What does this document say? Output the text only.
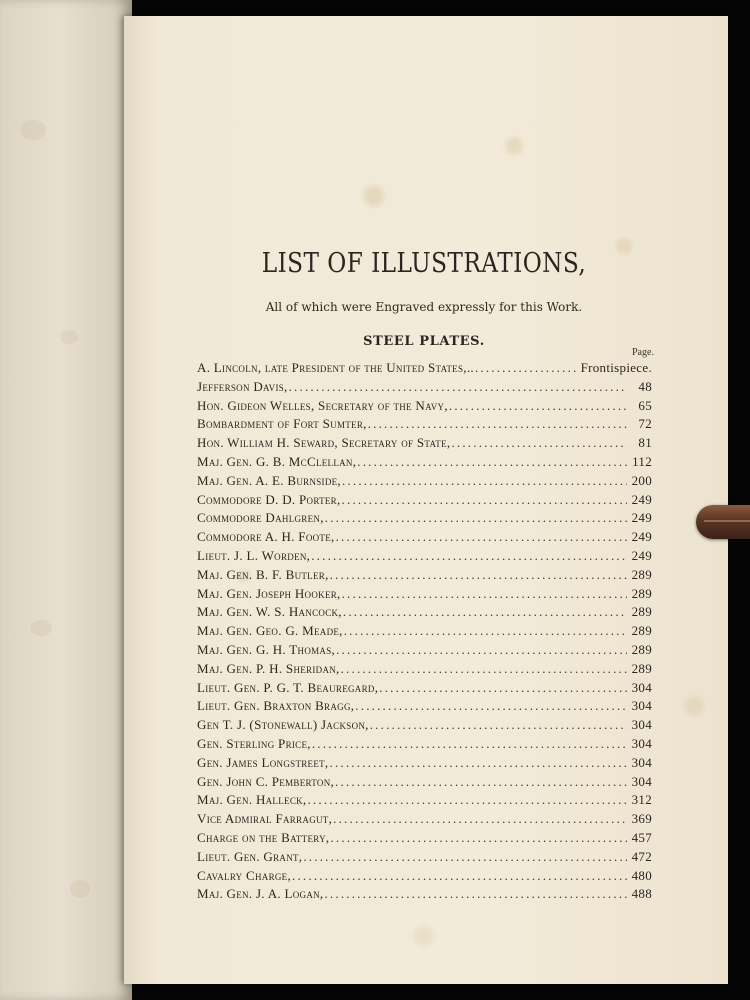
LIST OF ILLUSTRATIONS,
All of which were Engraved expressly for this Work.
STEEL PLATES.
Page.
A. Lincoln, late President of the United States,.. .....	Frontispiece.
Jefferson Davis, .....	48
Hon. Gideon Welles, Secretary of the Navy, .....	65
Bombardment of Fort Sumter, .....	72
Hon. William H. Seward, Secretary of State, .....	81
Maj. Gen. G. B. McClellan, .....	112
Maj. Gen. A. E. Burnside, .....	200
Commodore D. D. Porter, .....	249
Commodore Dahlgren, .....	249
Commodore A. H. Foote, .....	249
Lieut. J. L. Worden, .....	249
Maj. Gen. B. F. Butler, .....	289
Maj. Gen. Joseph Hooker, .....	289
Maj. Gen. W. S. Hancock, .....	289
Maj. Gen. Geo. G. Meade, .....	289
Maj. Gen. G. H. Thomas, .....	289
Maj. Gen. P. H. Sheridan, .....	289
Lieut. Gen. P. G. T. Beauregard, .....	304
Lieut. Gen. Braxton Bragg, .....	304
Gen T. J. (Stonewall) Jackson, .....	304
Gen. Sterling Price, .....	304
Gen. James Longstreet, .....	304
Gen. John C. Pemberton, .....	304
Maj. Gen. Halleck, .....	312
Vice Admiral Farragut, .....	369
Charge on the Battery, .....	457
Lieut. Gen. Grant, .....	472
Cavalry Charge, .....	480
Maj. Gen. J. A. Logan, .....	488
